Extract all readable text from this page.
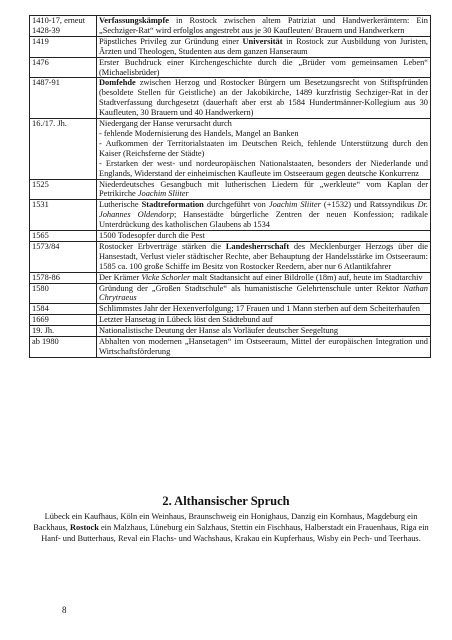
1410-17, erneut 1428-39	Verfassungskämpfe in Rostock zwischen altem Patriziat und Handwerkerämtern: Ein „Sechziger-Rat“ wird erfolglos angestrebt aus je 30 Kaufleuten/ Brauern und Handwerkern
1419	Päpstliches Privileg zur Gründung einer Universität in Rostock zur Ausbildung von Juristen, Ärzten und Theologen, Studenten aus dem ganzen Hanseraum
1476	Erster Buchdruck einer Kirchengeschichte durch die „Brüder vom gemeinsamen Leben“ (Michaelisbrüder)
1487-91	Domfehde zwischen Herzog und Rostocker Bürgern um Besetzungsrecht von Stiftspfründen (besoldete Stellen für Geistliche) an der Jakobikirche, 1489 kurzfristig Sechziger-Rat in der Stadtverfassung durchgesetzt (dauerhaft aber erst ab 1584 Hundertmänner-Kollegium aus 30 Kaufleuten, 30 Brauern und 40 Handwerkern)
16./17. Jh.	Niedergang der Hanse verursacht durch
- fehlende Modernisierung des Handels, Mangel an Banken
- Aufkommen der Territorialstaaten im Deutschen Reich, fehlende Unterstützung durch den Kaiser (Reichsferne der Städte)
- Erstarken der west- und nordeuropäischen Nationalstaaten, besonders der Niederlande und Englands, Widerstand der einheimischen Kaufleute im Ostseeraum gegen deutsche Konkurrenz
1525	Niederdeutsches Gesangbuch mit lutherischen Liedern für „werkleute“ vom Kaplan der Petrikirche Joachim Sliiter
1531	Lutherische Stadtreformation durchgeführt von Joachim Sliiter (+1532) und Ratssyndikus Dr. Johannes Oldendorp; Hansestädte bürgerliche Zentren der neuen Konfession; radikale Unterdrückung des katholischen Glaubens ab 1534
1565	1500 Todesopfer durch die Pest
1573/84	Rostocker Erbverträge stärken die Landesherrschaft des Mecklenburger Herzogs über die Hansestadt, Verlust vieler städtischer Rechte, aber Behauptung der Handelsstärke im Ostseeraum: 1585 ca. 100 große Schiffe im Besitz von Rostocker Reedern, aber nur 6 Atlantikfahrer
1578-86	Der Krämer Vicke Schorler malt Stadtansicht auf einer Bildrolle (18m) auf, heute im Stadtarchiv
1580	Gründung der „Großen Stadtschule“ als humanistische Gelehrtenschule unter Rektor Nathan Chrytraeus
1584	Schlimmstes Jahr der Hexenverfolgung; 17 Frauen und 1 Mann sterben auf dem Scheiterhaufen
1669	Letzter Hansetag in Lübeck löst den Städtebund auf
19. Jh.	Nationalistische Deutung der Hanse als Vorläufer deutscher Seegeltung
ab 1980	Abhalten von modernen „Hansetagen“ im Ostseeraum, Mittel der europäischen Integration und Wirtschaftsförderung
2. Althansischer Spruch
Lübeck ein Kaufhaus, Köln ein Weinhaus, Braunschweig ein Honighaus, Danzig ein Kornhaus, Magdeburg ein Backhaus, Rostock ein Malzhaus, Lüneburg ein Salzhaus, Stettin ein Fischhaus, Halberstadt ein Frauenhaus, Riga ein Hanf- und Butterhaus, Reval ein Flachs- und Wachshaus, Krakau ein Kupferhaus, Wisby ein Pech- und Teerhaus.
8
